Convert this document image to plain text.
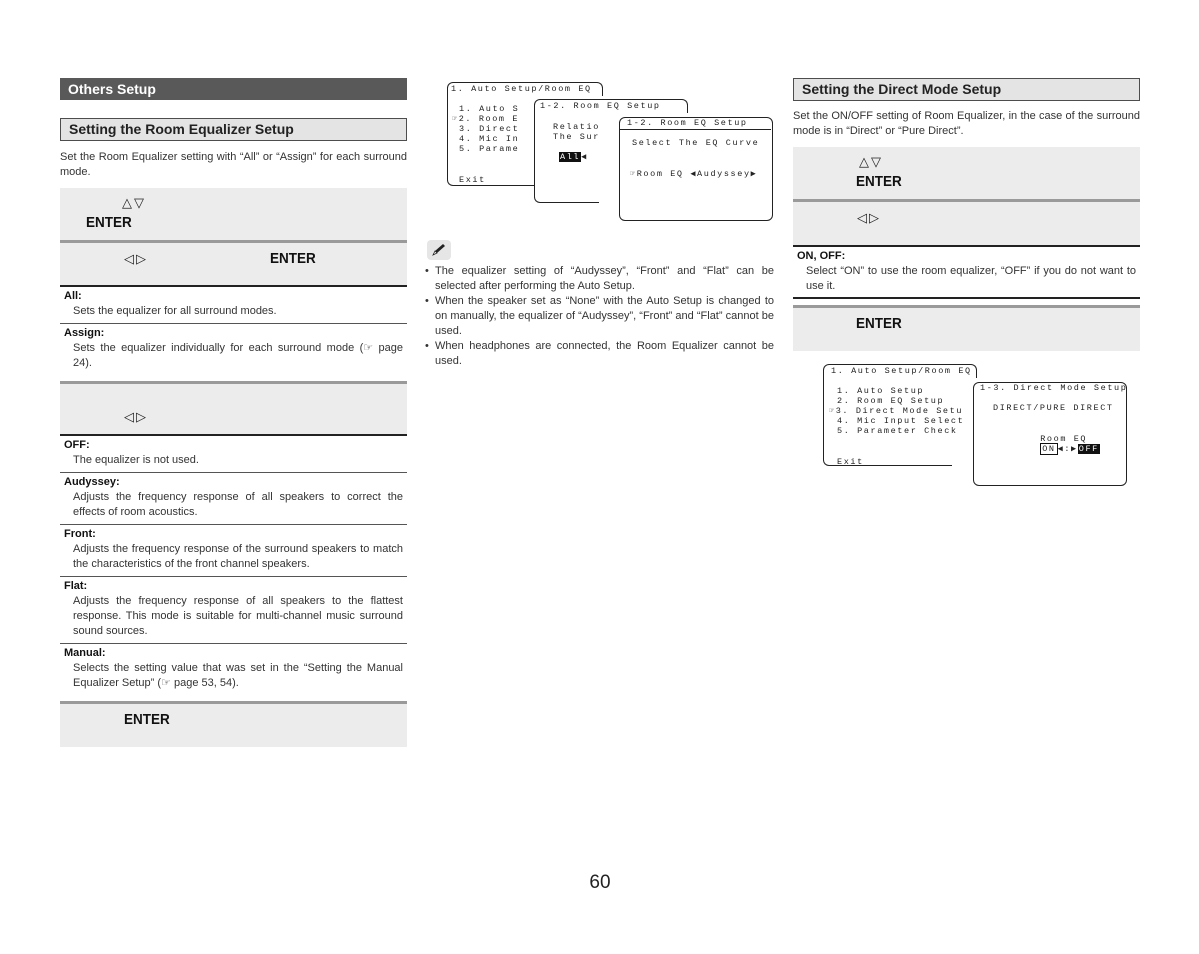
Others Setup
Setting the Room Equalizer Setup

Set the Room Equalizer setting with “All” or “Assign” for each surround mode.

△▽
ENTER
◁▷	ENTER
All:
Sets the equalizer for all surround modes.
Assign:
Sets the equalizer individually for each surround mode (☞ page 24).
◁▷
OFF:
The equalizer is not used.
Audyssey:
Adjusts the frequency response of all speakers to correct the effects of room acoustics.
Front:
Adjusts the frequency response of the surround speakers to match the characteristics of the front channel speakers.
Flat:
Adjusts the frequency response of all speakers to the flattest response. This mode is suitable for multi-channel music surround sound sources.
Manual:
Selects the setting value that was set in the “Setting the Manual Equalizer Setup” (☞ page 53, 54).
ENTER
1. Auto Setup/Room EQ
1. Auto S
☞2. Room E
3. Direct
4. Mic In
5. Parame
Exit
1-2. Room EQ Setup
Relatio
The Sur
All◀
1-2. Room EQ Setup
Select The EQ Curve
☞Room EQ ◀Audyssey▶
• The equalizer setting of “Audyssey”, “Front” and “Flat” can be selected after performing the Auto Setup.
• When the speaker set as “None” with the Auto Setup is changed to on manually, the equalizer of “Audyssey”, “Front” and “Flat” cannot be used.
• When headphones are connected, the Room Equalizer cannot be used.
Setting the Direct Mode Setup

Set the ON/OFF setting of Room Equalizer, in the case of the surround mode is in “Direct” or “Pure Direct”.

△▽
ENTER
◁▷
ON, OFF:
Select “ON” to use the room equalizer, “OFF” if you do not want to use it.
ENTER
1. Auto Setup/Room EQ
1. Auto Setup
2. Room EQ Setup
☞3. Direct Mode Setu
4. Mic Input Select
5. Parameter Check
Exit
1-3. Direct Mode Setup
DIRECT/PURE DIRECT

Room EQ
ON ◀:▶OFF

60
